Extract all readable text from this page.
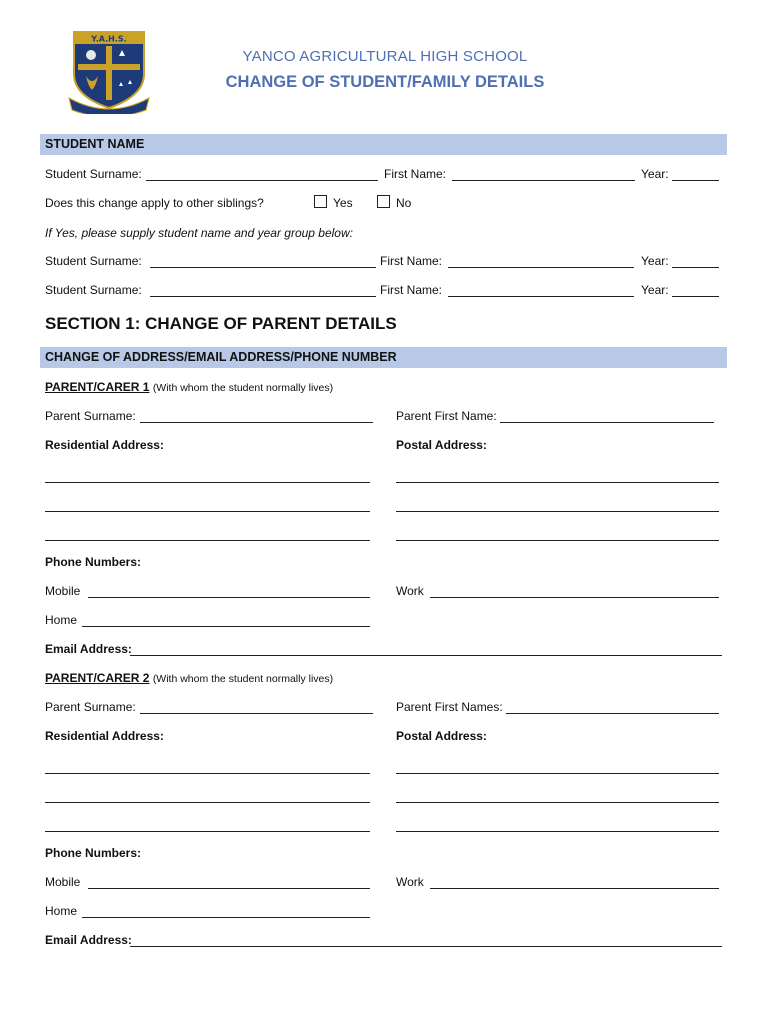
Y.A.H.S.
YANCO AGRICULTURAL HIGH SCHOOL
CHANGE OF STUDENT/FAMILY DETAILS
STUDENT NAME
Student Surname:	First Name:	Year:
Does this change apply to other siblings?	Yes	No
If Yes, please supply student name and year group below:
Student Surname:	First Name:	Year:
Student Surname:	First Name:	Year:
SECTION 1: CHANGE OF PARENT DETAILS
CHANGE OF ADDRESS/EMAIL ADDRESS/PHONE NUMBER
PARENT/CARER 1 (With whom the student normally lives)
Parent Surname:	Parent First Name:
Residential Address:	Postal Address:
Phone Numbers:
Mobile	Work
Home
Email Address:
PARENT/CARER 2 (With whom the student normally lives)
Parent Surname:	Parent First Names:
Residential Address:	Postal Address:
Phone Numbers:
Mobile	Work
Home
Email Address:
